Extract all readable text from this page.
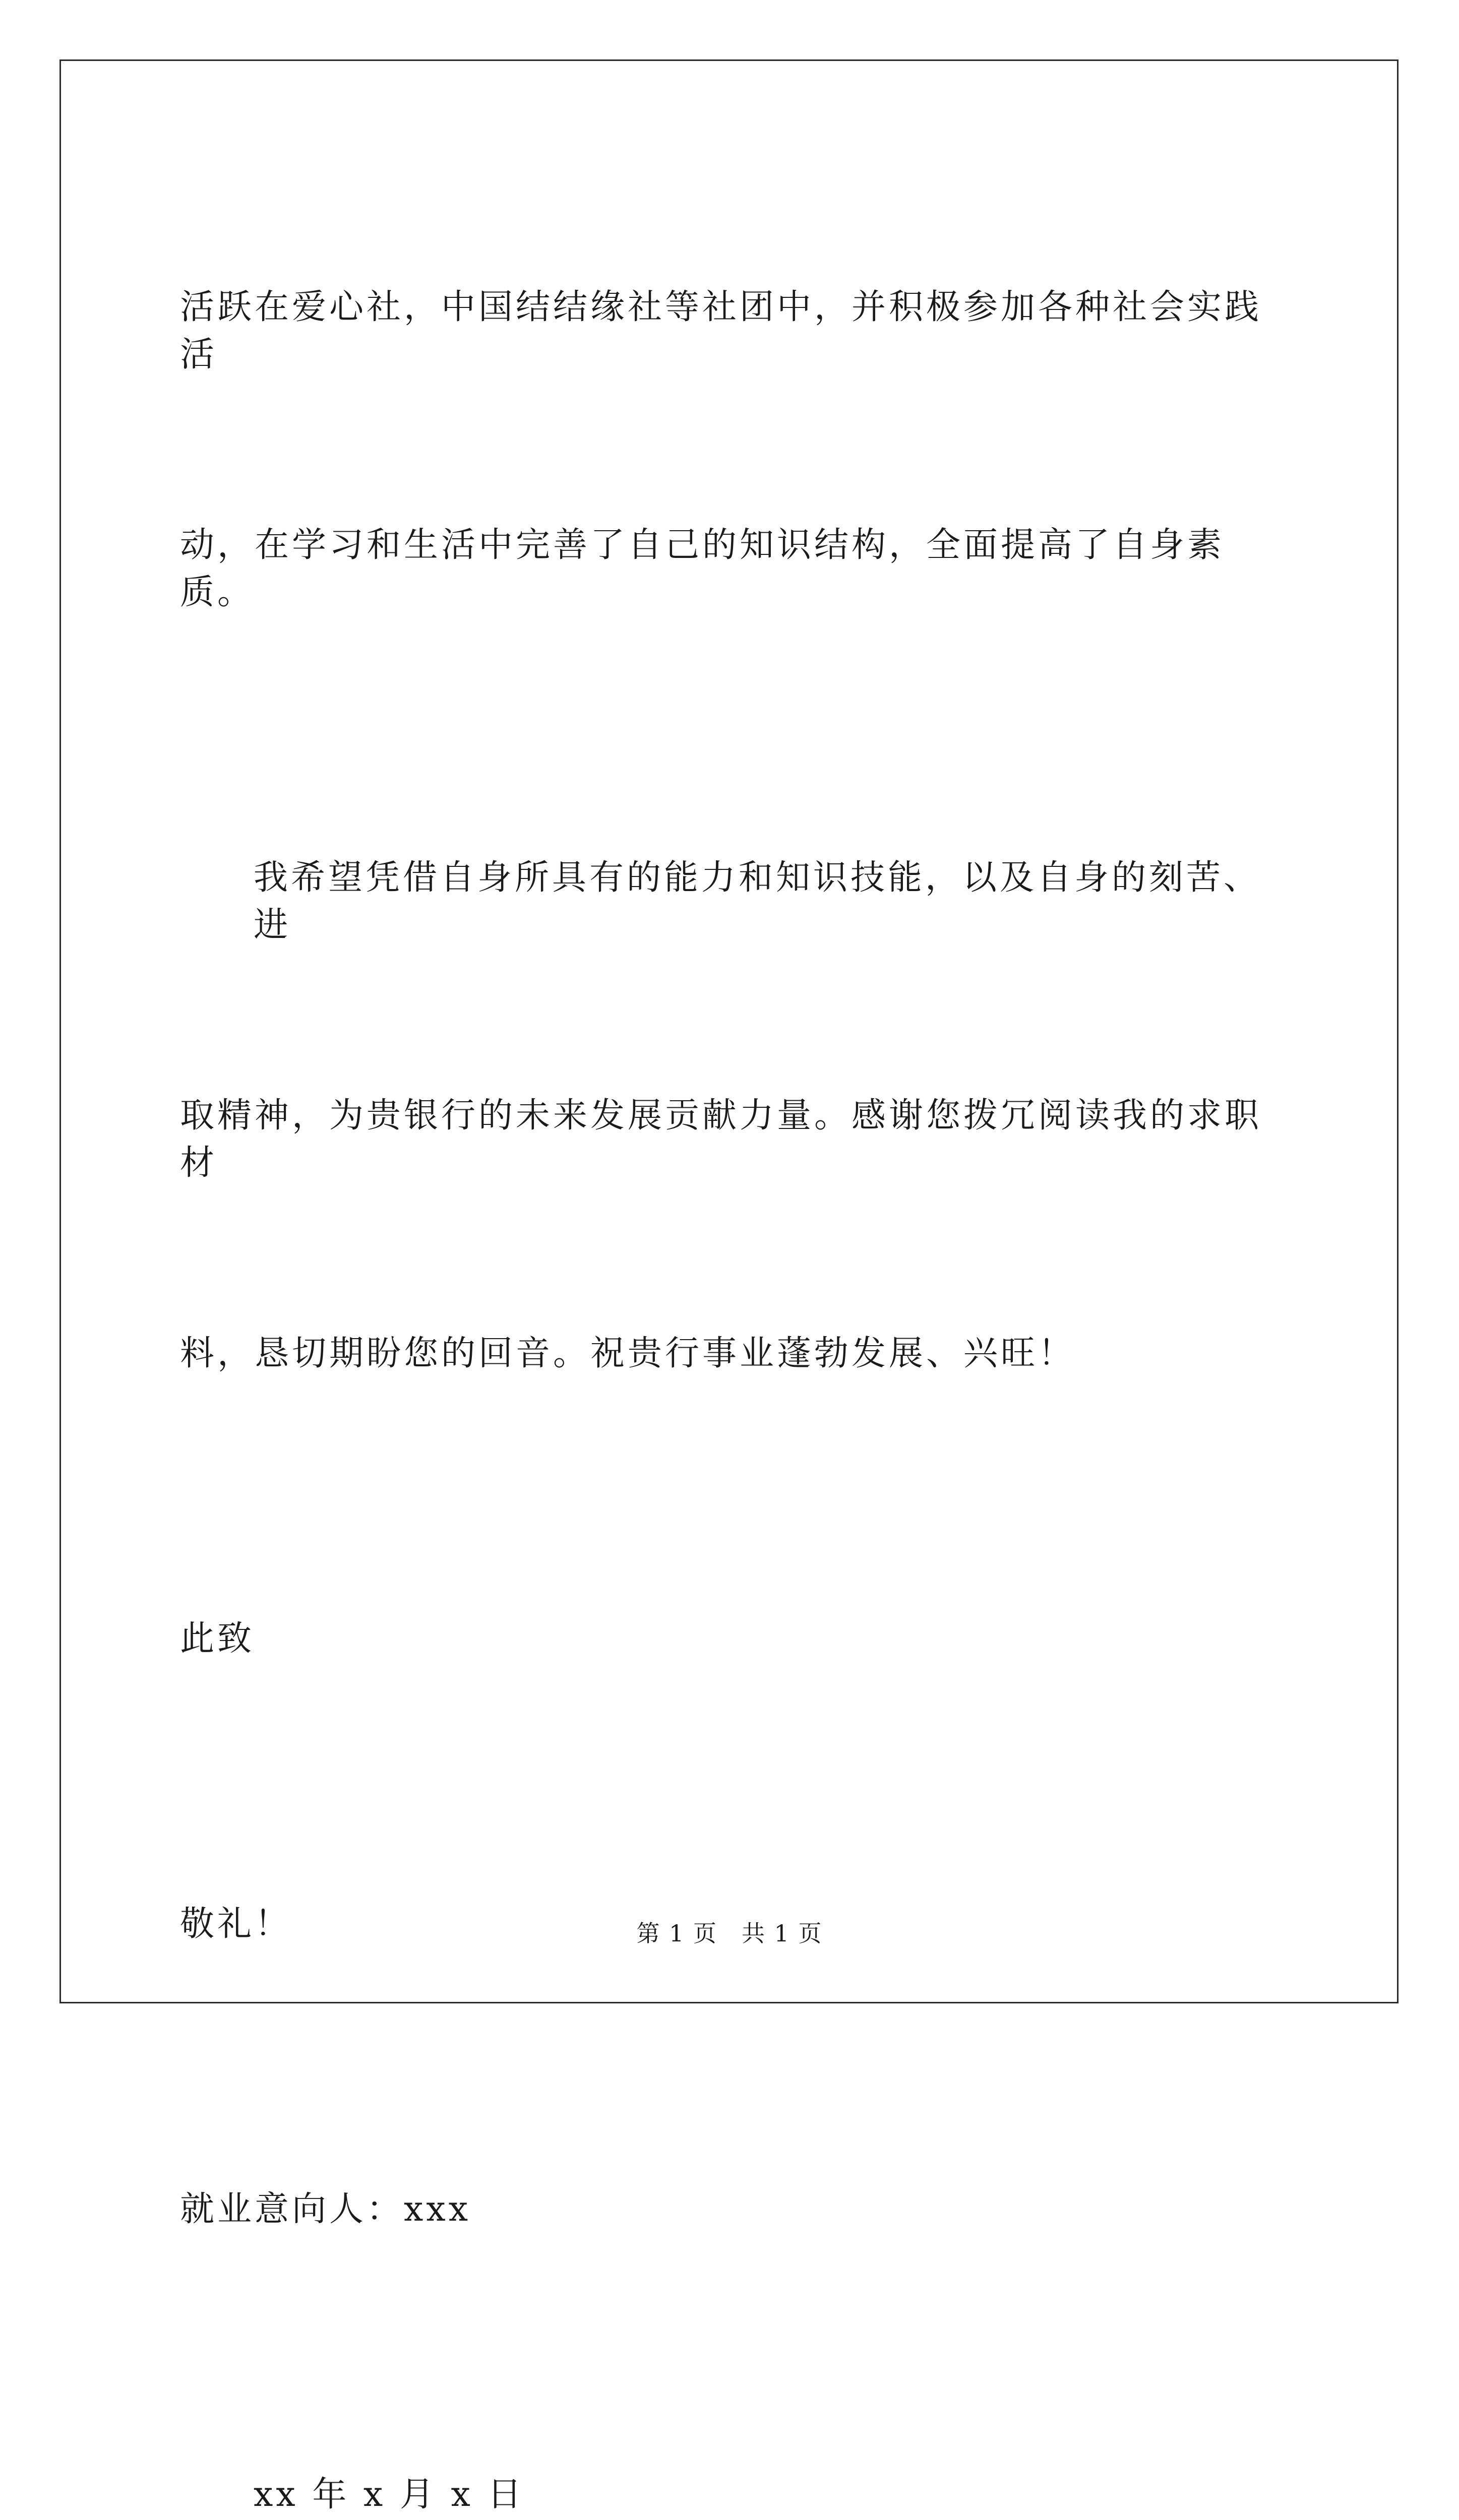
活跃在爱心社，中国结结缘社等社团中，并积极参加各种社会实践活

动，在学习和生活中完善了自己的知识结构，全面提高了自身素质。

我希望凭借自身所具有的能力和知识技能，以及自身的刻苦、进

取精神，为贵银行的未来发展贡献力量。感谢您拨冗阅读我的求职材

料，恳切期盼您的回音。祝贵行事业蓬勃发展、兴旺！

此致

敬礼！

就业意向人：xxx

xx 年 x 月 x 日

第 1 页　共 1 页
